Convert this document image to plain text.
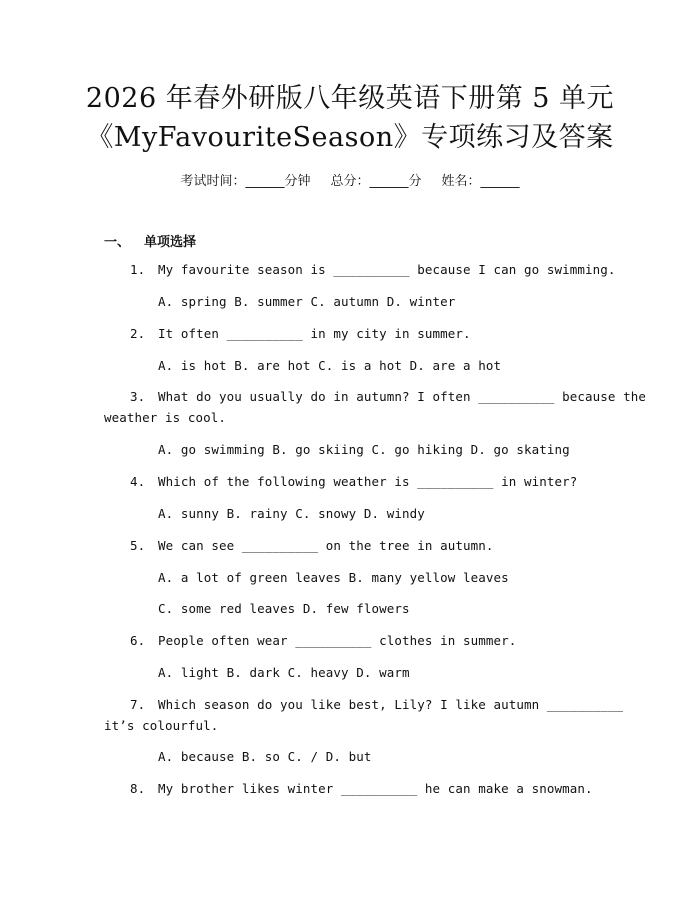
2026 年春外研版八年级英语下册第 5 单元
《MyFavouriteSeason》专项练习及答案
考试时间：______分钟 总分：______分 姓名：______
一、 单项选择
1. My favourite season is __________ because I can go swimming.
A. spring B. summer C. autumn D. winter
2. It often __________ in my city in summer.
A. is hot B. are hot C. is a hot D. are a hot
3. What do you usually do in autumn? I often __________ because the
weather is cool.
A. go swimming B. go skiing C. go hiking D. go skating
4. Which of the following weather is __________ in winter?
A. sunny B. rainy C. snowy D. windy
5. We can see __________ on the tree in autumn.
A. a lot of green leaves B. many yellow leaves
C. some red leaves D. few flowers
6. People often wear __________ clothes in summer.
A. light B. dark C. heavy D. warm
7. Which season do you like best, Lily? I like autumn __________
it’s colourful.
A. because B. so C. / D. but
8. My brother likes winter __________ he can make a snowman.
